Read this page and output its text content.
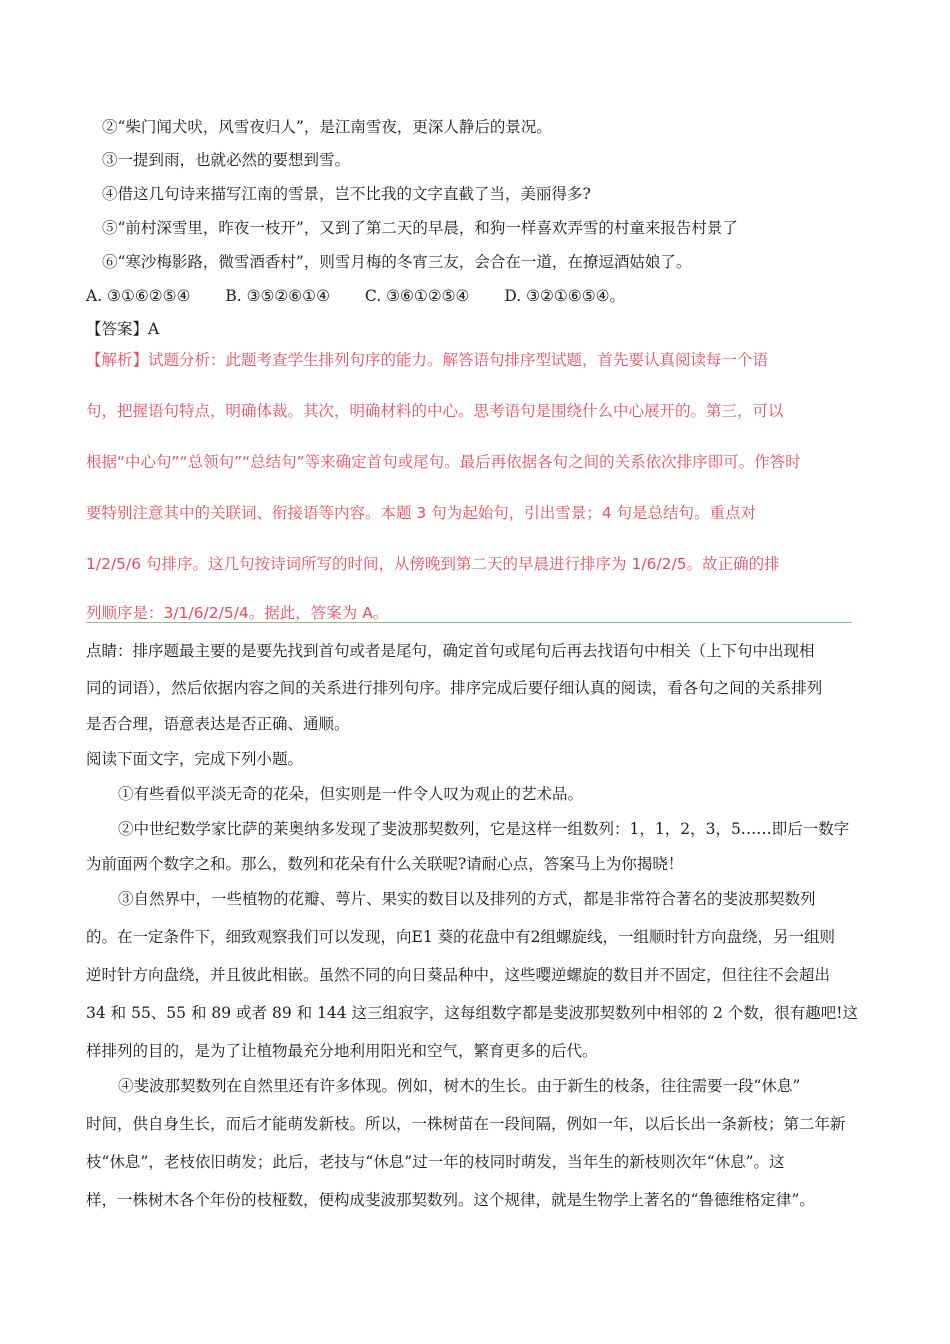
②“柴门闻犬吠，风雪夜归人”，是江南雪夜，更深人静后的景况。
③一提到雨，也就必然的要想到雪。
④借这几句诗来描写江南的雪景，岂不比我的文字直截了当，美丽得多?
⑤“前村深雪里，昨夜一枝开”，又到了第二天的早晨，和狗一样喜欢弄雪的村童来报告村景了
⑥“寒沙梅影路，微雪酒香村”，则雪月梅的冬宵三友，会合在一道，在撩逗酒姑娘了。
A. ③①⑥②⑤④ B. ③⑤②⑥①④ C. ③⑥①②⑤④ D. ③②①⑥⑤④。
【答案】A
【解析】试题分析：此题考查学生排列句序的能力。解答语句排序型试题，首先要认真阅读每一个语
句，把握语句特点，明确体裁。其次，明确材料的中心。思考语句是围绕什么中心展开的。第三，可以
根据“中心句”“总领句”“总结句”等来确定首句或尾句。最后再依据各句之间的关系依次排序即可。作答时
要特别注意其中的关联词、衔接语等内容。本题 3 句为起始句，引出雪景；4 句是总结句。重点对
1/2/5/6 句排序。这几句按诗词所写的时间，从傍晚到第二天的早晨进行排序为 1/6/2/5。故正确的排
列顺序是：3/1/6/2/5/4。据此，答案为 A。
点睛：排序题最主要的是要先找到首句或者是尾句，确定首句或尾句后再去找语句中相关（上下句中出现相
同的词语），然后依据内容之间的关系进行排列句序。排序完成后要仔细认真的阅读，看各句之间的关系排列
是否合理，语意表达是否正确、通顺。
阅读下面文字，完成下列小题。
①有些看似平淡无奇的花朵，但实则是一件令人叹为观止的艺术品。
②中世纪数学家比萨的莱奥纳多发现了斐波那契数列，它是这样一组数列：1，1，2，3，5……即后一数字
为前面两个数字之和。那么，数列和花朵有什么关联呢?请耐心点，答案马上为你揭晓！
③自然界中，一些植物的花瓣、萼片、果实的数目以及排列的方式，都是非常符合著名的斐波那契数列
的。在一定条件下，细致观察我们可以发现，向E1 葵的花盘中有2组螺旋线，一组顺时针方向盘绕，另一组则
逆时针方向盘绕，并且彼此相嵌。虽然不同的向日葵品种中，这些嘤逆螺旋的数目并不固定，但往往不会超出
34 和 55、55 和 89 或者 89 和 144 这三组寂字，这每组数字都是斐波那契数列中相邻的 2 个数，很有趣吧!这
样排列的目的，是为了让植物最充分地利用阳光和空气，繁育更多的后代。
④斐波那契数列在自然里还有许多体现。例如，树木的生长。由于新生的枝条，往往需要一段“休息”
时间，供自身生长，而后才能萌发新枝。所以，一株树苗在一段间隔，例如一年，以后长出一条新枝；第二年新
枝“休息”，老枝依旧萌发；此后，老技与“休息”过一年的枝同时萌发，当年生的新枝则次年“休息”。这
样，一株树木各个年份的枝桠数，便构成斐波那契数列。这个规律，就是生物学上著名的“鲁德维格定律”。
